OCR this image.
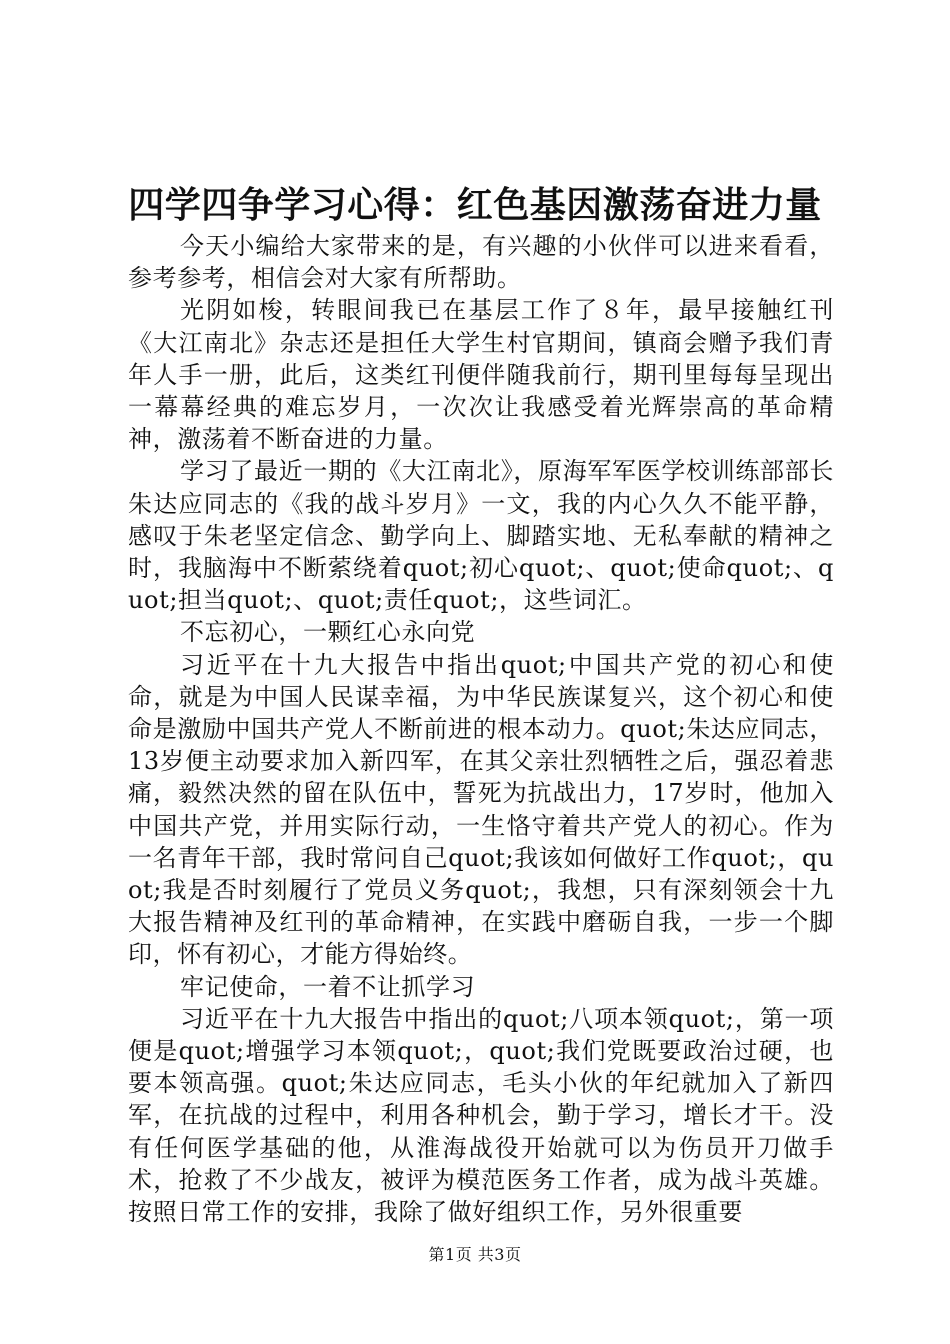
四学四争学习心得：红色基因激荡奋进力量

今天小编给大家带来的是，有兴趣的小伙伴可以进来看看，参考参考，相信会对大家有所帮助。

光阴如梭，转眼间我已在基层工作了８年，最早接触红刊《大江南北》杂志还是担任大学生村官期间，镇商会赠予我们青年人手一册，此后，这类红刊便伴随我前行，期刊里每每呈现出一幕幕经典的难忘岁月，一次次让我感受着光辉崇高的革命精神，激荡着不断奋进的力量。

学习了最近一期的《大江南北》，原海军军医学校训练部部长朱达应同志的《我的战斗岁月》一文，我的内心久久不能平静，感叹于朱老坚定信念、勤学向上、脚踏实地、无私奉献的精神之时，我脑海中不断萦绕着quot;初心quot;、quot;使命quot;、quot;担当quot;、quot;责任quot;，这些词汇。

不忘初心，一颗红心永向党

习近平在十九大报告中指出quot;中国共产党的初心和使命，就是为中国人民谋幸福，为中华民族谋复兴，这个初心和使命是激励中国共产党人不断前进的根本动力。quot;朱达应同志，13岁便主动要求加入新四军，在其父亲壮烈牺牲之后，强忍着悲痛，毅然决然的留在队伍中，誓死为抗战出力，17岁时，他加入中国共产党，并用实际行动，一生恪守着共产党人的初心。作为一名青年干部，我时常问自己quot;我该如何做好工作quot;，quot;我是否时刻履行了党员义务quot;，我想，只有深刻领会十九大报告精神及红刊的革命精神，在实践中磨砺自我，一步一个脚印，怀有初心，才能方得始终。

牢记使命，一着不让抓学习

习近平在十九大报告中指出的quot;八项本领quot;，第一项便是quot;增强学习本领quot;，quot;我们党既要政治过硬，也要本领高强。quot;朱达应同志，毛头小伙的年纪就加入了新四军，在抗战的过程中，利用各种机会，勤于学习，增长才干。没有任何医学基础的他，从淮海战役开始就可以为伤员开刀做手术，抢救了不少战友，被评为模范医务工作者，成为战斗英雄。按照日常工作的安排，我除了做好组织工作，另外很重要

第1页 共3页
